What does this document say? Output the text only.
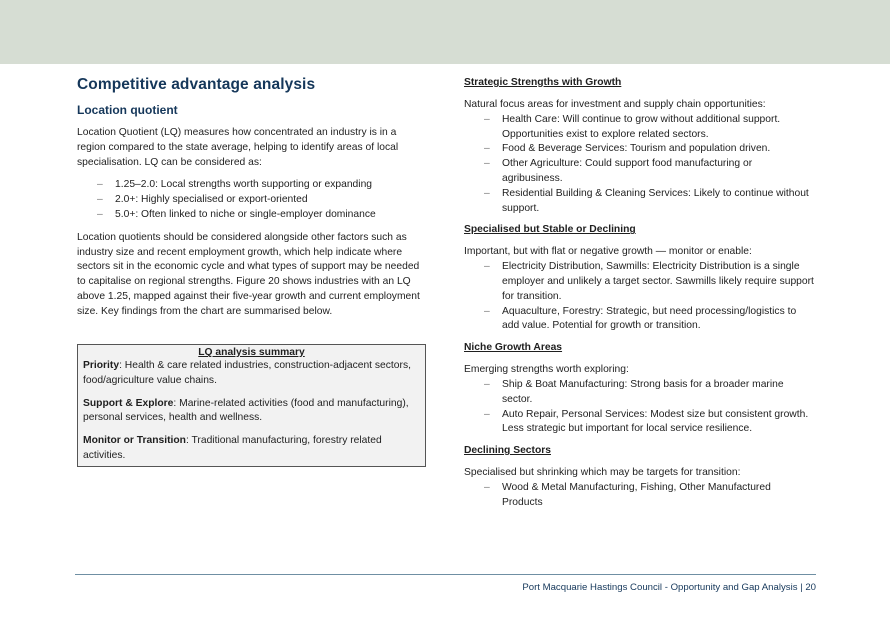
Competitive advantage analysis
Location quotient

Location Quotient (LQ) measures how concentrated an industry is in a region compared to the state average, helping to identify areas of local specialisation. LQ can be considered as:

– 1.25–2.0: Local strengths worth supporting or expanding
– 2.0+: Highly specialised or export-oriented
– 5.0+: Often linked to niche or single-employer dominance

Location quotients should be considered alongside other factors such as industry size and recent employment growth, which help indicate where sectors sit in the economic cycle and what types of support may be needed to capitalise on regional strengths. Figure 20 shows industries with an LQ above 1.25, mapped against their five-year growth and current employment size. Key findings from the chart are summarised below.

LQ analysis summary

Priority: Health & care related industries, construction-adjacent sectors, food/agriculture value chains.

Support & Explore: Marine-related activities (food and manufacturing), personal services, health and wellness.

Monitor or Transition: Traditional manufacturing, forestry related activities.

Strategic Strengths with Growth

Natural focus areas for investment and supply chain opportunities:

– Health Care: Will continue to grow without additional support. Opportunities exist to explore related sectors.
– Food & Beverage Services: Tourism and population driven.
– Other Agriculture: Could support food manufacturing or agribusiness.
– Residential Building & Cleaning Services: Likely to continue without support.
Specialised but Stable or Declining

Important, but with flat or negative growth — monitor or enable:

– Electricity Distribution, Sawmills: Electricity Distribution is a single employer and unlikely a target sector. Sawmills likely require support for transition.
– Aquaculture, Forestry: Strategic, but need processing/logistics to add value. Potential for growth or transition.
Niche Growth Areas

Emerging strengths worth exploring:

– Ship & Boat Manufacturing: Strong basis for a broader marine sector.
– Auto Repair, Personal Services: Modest size but consistent growth. Less strategic but important for local service resilience.
Declining Sectors

Specialised but shrinking which may be targets for transition:

– Wood & Metal Manufacturing, Fishing, Other Manufactured Products
Port Macquarie Hastings Council - Opportunity and Gap Analysis | 20
